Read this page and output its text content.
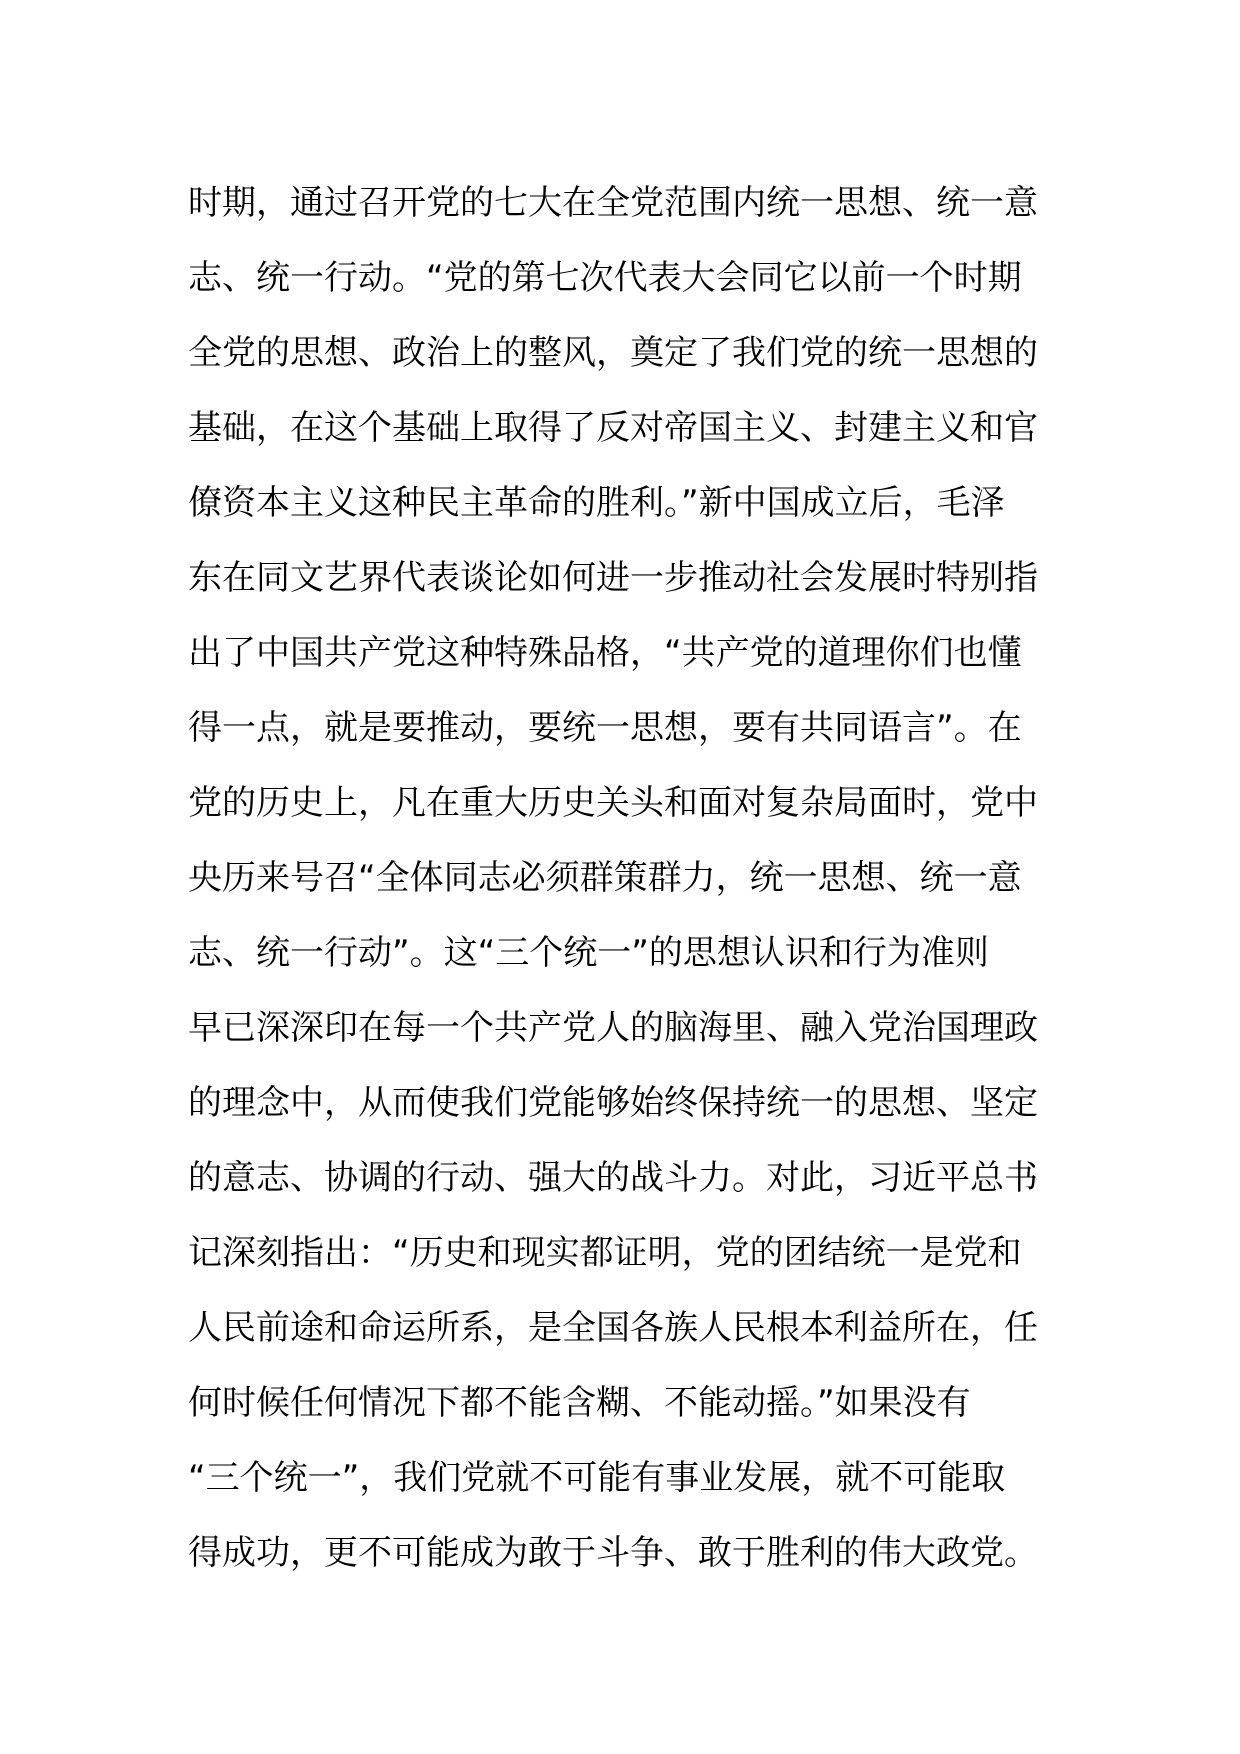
时期，通过召开党的七大在全党范围内统一思想、统一意
志、统一行动。“党的第七次代表大会同它以前一个时期
全党的思想、政治上的整风，奠定了我们党的统一思想的
基础，在这个基础上取得了反对帝国主义、封建主义和官
僚资本主义这种民主革命的胜利。”新中国成立后，毛泽
东在同文艺界代表谈论如何进一步推动社会发展时特别指
出了中国共产党这种特殊品格，“共产党的道理你们也懂
得一点，就是要推动，要统一思想，要有共同语言”。在
党的历史上，凡在重大历史关头和面对复杂局面时，党中
央历来号召“全体同志必须群策群力，统一思想、统一意
志、统一行动”。这“三个统一”的思想认识和行为准则
早已深深印在每一个共产党人的脑海里、融入党治国理政
的理念中，从而使我们党能够始终保持统一的思想、坚定
的意志、协调的行动、强大的战斗力。对此，习近平总书
记深刻指出：“历史和现实都证明，党的团结统一是党和
人民前途和命运所系，是全国各族人民根本利益所在，任
何时候任何情况下都不能含糊、不能动摇。”如果没有
“三个统一”，我们党就不可能有事业发展，就不可能取
得成功，更不可能成为敢于斗争、敢于胜利的伟大政党。
